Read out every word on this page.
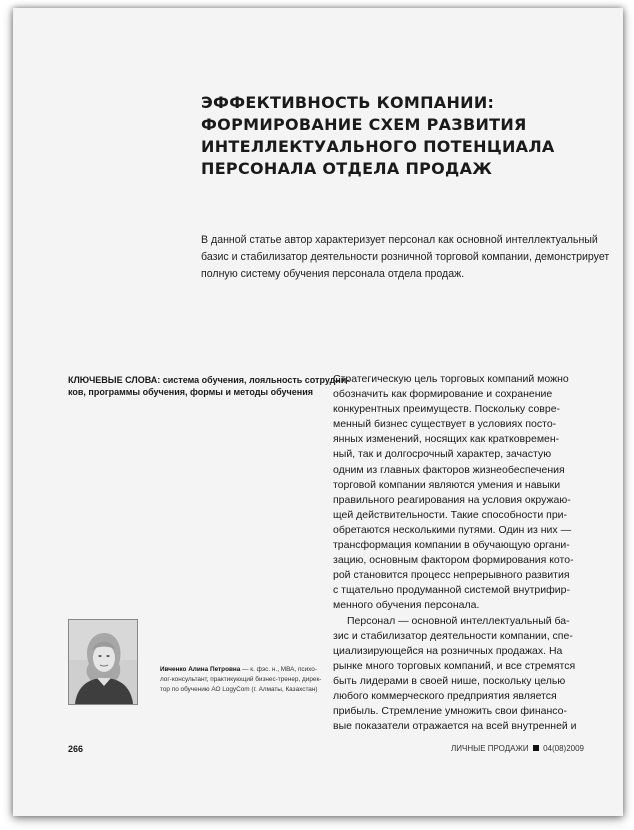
ЭФФЕКТИВНОСТЬ КОМПАНИИ:
ФОРМИРОВАНИЕ СХЕМ РАЗВИТИЯ
ИНТЕЛЛЕКТУАЛЬНОГО ПОТЕНЦИАЛА
ПЕРСОНАЛА ОТДЕЛА ПРОДАЖ

В данной статье автор характеризует персонал как основной интеллектуальный
базис и стабилизатор деятельности розничной торговой компании, демонстрирует
полную систему обучения персонала отдела продаж.

КЛЮЧЕВЫЕ СЛОВА: система обучения, лояльность сотрудни-
ков, программы обучения, формы и методы обучения
Стратегическую цель торговых компаний можно
обозначить как формирование и сохранение
конкурентных преимуществ. Поскольку совре-
менный бизнес существует в условиях посто-
янных изменений, носящих как кратковремен-
ный, так и долгосрочный характер, зачастую
одним из главных факторов жизнеобеспечения
торговой компании являются умения и навыки
правильного реагирования на условия окружаю-
щей действительности. Такие способности при-
обретаются несколькими путями. Один из них —
трансформация компании в обучающую органи-
зацию, основным фактором формирования кото-
рой становится процесс непрерывного развития
с тщательно продуманной системой внутрифир-
менного обучения персонала.
Персонал — основной интеллектуальный ба-
зис и стабилизатор деятельности компании, спе-
циализирующейся на розничных продажах. На
рынке много торговых компаний, и все стремятся
быть лидерами в своей нише, поскольку целью
любого коммерческого предприятия является
прибыль. Стремление умножить свои финансо-
вые показатели отражается на всей внутренней и
Ивченко Алина Петровна — к. фэс. н., МВА, психо-
лог-консультант, практикующий бизнес-тренер, дирек-
тор по обучению АО LogyCom (г. Алматы, Казахстан)
266	ЛИЧНЫЕ ПРОДАЖИ 04(08)2009
